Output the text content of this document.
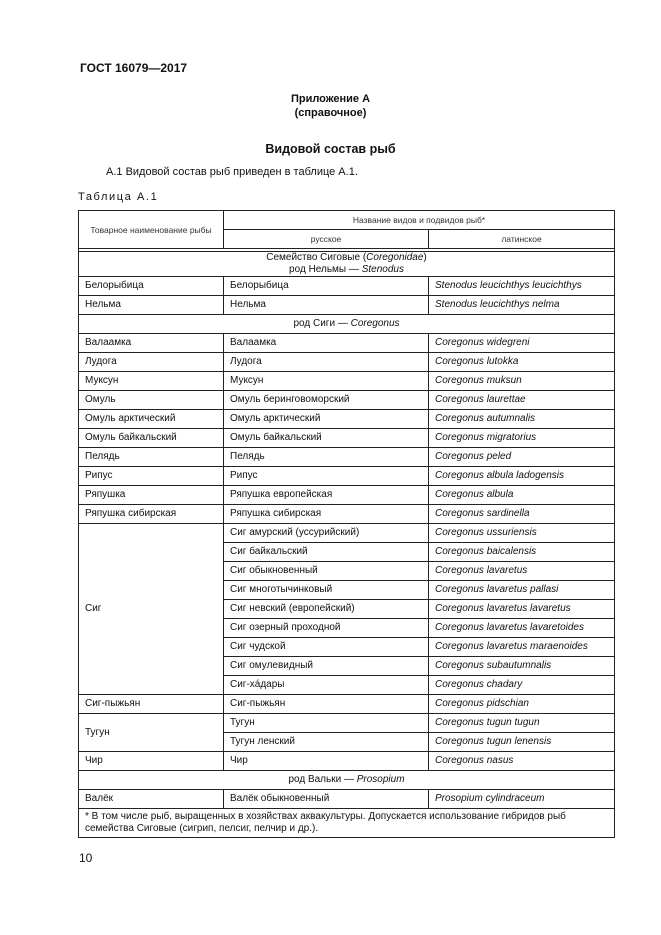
ГОСТ 16079—2017
Приложение А
(справочное)
Видовой состав рыб
А.1 Видовой состав рыб приведен в таблице А.1.
Таблица А.1
Товарное наименование рыбы	Название видов и подвидов рыб*	
	русское	латинское

Семейство Сиговые (Coregonidae)
род Нельмы — Stenodus		
Белорыбица	Белорыбица	Stenodus leucichthys leucichthys
Нельма	Нельма	Stenodus leucichthys nelma
род Сиги — Coregonus		
Валаамка	Валаамка	Coregonus widegreni
Лудога	Лудога	Coregonus lutokka
Муксун	Муксун	Coregonus muksun
Омуль	Омуль беринговоморский	Coregonus laurettae
Омуль арктический	Омуль арктический	Coregonus autumnalis
Омуль байкальский	Омуль байкальский	Coregonus migratorius
Пелядь	Пелядь	Coregonus peled
Рипус	Рипус	Coregonus albula ladogensis
Ряпушка	Ряпушка европейская	Coregonus albula
Ряпушка сибирская	Ряпушка сибирская	Coregonus sardinella
Сиг	Сиг амурский (уссурийский)	Coregonus ussuriensis
	Сиг байкальский	Coregonus baicalensis
	Сиг обыкновенный	Coregonus lavaretus
	Сиг многотычинковый	Coregonus lavaretus pallasi
	Сиг невский (европейский)	Coregonus lavaretus lavaretus
	Сиг озерный проходной	Coregonus lavaretus lavaretoides
	Сиг чудской	Coregonus lavaretus maraenoides
	Сиг омулевидный	Coregonus subautumnalis
	Сиг-хáдары	Coregonus chadary
Сиг-пыжьян	Сиг-пыжьян	Coregonus pidschian
Тугун	Тугун	Coregonus tugun tugun
	Тугун ленский	Coregonus tugun lenensis
Чир	Чир	Coregonus nasus
род Вальки — Prosopium		
Валёк	Валёк обыкновенный	Prosopium cylindraceum
* В том числе рыб, выращенных в хозяйствах аквакультуры. Допускается использование гибридов рыб семейства Сиговые (сигрип, пелсиг, пелчир и др.).		
10
